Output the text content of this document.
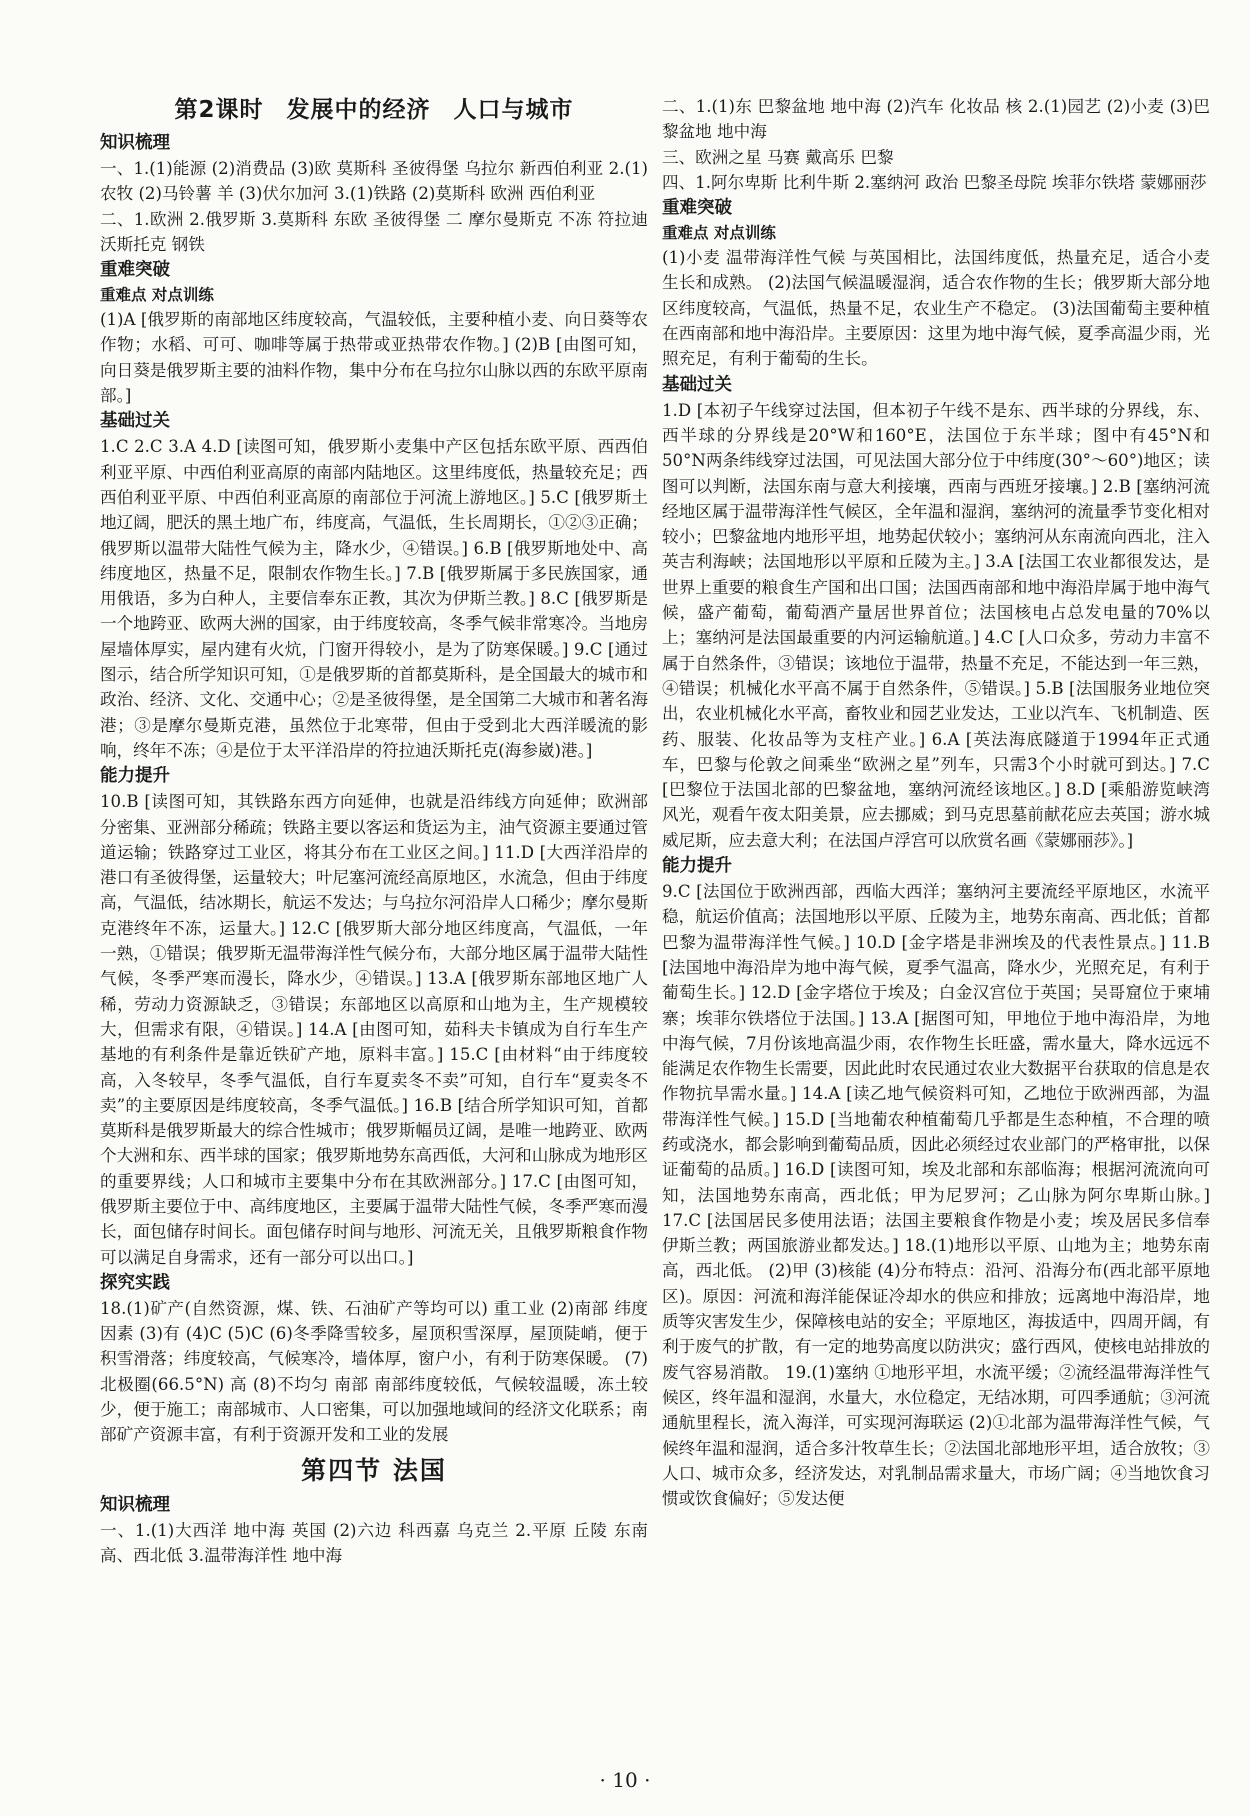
第2课时 发展中的经济 人口与城市
知识梳理

一、1.(1)能源 (2)消费品 (3)欧 莫斯科 圣彼得堡 乌拉尔 新西伯利亚 2.(1)农牧 (2)马铃薯 羊 (3)伏尔加河 3.(1)铁路 (2)莫斯科 欧洲 西伯利亚

二、1.欧洲 2.俄罗斯 3.莫斯科 东欧 圣彼得堡 二 摩尔曼斯克 不冻 符拉迪沃斯托克 钢铁

重难突破
重难点 对点训练

(1)A [俄罗斯的南部地区纬度较高，气温较低，主要种植小麦、向日葵等农作物；水稻、可可、咖啡等属于热带或亚热带农作物。] (2)B [由图可知，向日葵是俄罗斯主要的油料作物，集中分布在乌拉尔山脉以西的东欧平原南部。]

基础过关

1.C 2.C 3.A 4.D [读图可知，俄罗斯小麦集中产区包括东欧平原、西西伯利亚平原、中西伯利亚高原的南部内陆地区。这里纬度低，热量较充足；西西伯利亚平原、中西伯利亚高原的南部位于河流上游地区。] 5.C [俄罗斯土地辽阔，肥沃的黑土地广布，纬度高，气温低，生长周期长，①②③正确；俄罗斯以温带大陆性气候为主，降水少，④错误。] 6.B [俄罗斯地处中、高纬度地区，热量不足，限制农作物生长。] 7.B [俄罗斯属于多民族国家，通用俄语，多为白种人，主要信奉东正教，其次为伊斯兰教。] 8.C [俄罗斯是一个地跨亚、欧两大洲的国家，由于纬度较高，冬季气候非常寒冷。当地房屋墙体厚实，屋内建有火炕，门窗开得较小，是为了防寒保暖。] 9.C [通过图示，结合所学知识可知，①是俄罗斯的首都莫斯科，是全国最大的城市和政治、经济、文化、交通中心；②是圣彼得堡，是全国第二大城市和著名海港；③是摩尔曼斯克港，虽然位于北寒带，但由于受到北大西洋暖流的影响，终年不冻；④是位于太平洋沿岸的符拉迪沃斯托克(海参崴)港。]

能力提升

10.B [读图可知，其铁路东西方向延伸，也就是沿纬线方向延伸；欧洲部分密集、亚洲部分稀疏；铁路主要以客运和货运为主，油气资源主要通过管道运输；铁路穿过工业区，将其分布在工业区之间。] 11.D [大西洋沿岸的港口有圣彼得堡，运量较大；叶尼塞河流经高原地区，水流急，但由于纬度高，气温低，结冰期长，航运不发达；与乌拉尔河沿岸人口稀少；摩尔曼斯克港终年不冻，运量大。] 12.C [俄罗斯大部分地区纬度高，气温低，一年一熟，①错误；俄罗斯无温带海洋性气候分布，大部分地区属于温带大陆性气候，冬季严寒而漫长，降水少，④错误。] 13.A [俄罗斯东部地区地广人稀，劳动力资源缺乏，③错误；东部地区以高原和山地为主，生产规模较大，但需求有限，④错误。] 14.A [由图可知，茹科夫卡镇成为自行车生产基地的有利条件是靠近铁矿产地，原料丰富。] 15.C [由材料“由于纬度较高，入冬较早，冬季气温低，自行车夏卖冬不卖”可知，自行车“夏卖冬不卖”的主要原因是纬度较高，冬季气温低。] 16.B [结合所学知识可知，首都莫斯科是俄罗斯最大的综合性城市；俄罗斯幅员辽阔，是唯一地跨亚、欧两个大洲和东、西半球的国家；俄罗斯地势东高西低，大河和山脉成为地形区的重要界线；人口和城市主要集中分布在其欧洲部分。] 17.C [由图可知，俄罗斯主要位于中、高纬度地区，主要属于温带大陆性气候，冬季严寒而漫长，面包储存时间长。面包储存时间与地形、河流无关，且俄罗斯粮食作物可以满足自身需求，还有一部分可以出口。]

探究实践

18.(1)矿产(自然资源，煤、铁、石油矿产等均可以) 重工业 (2)南部 纬度因素 (3)有 (4)C (5)C (6)冬季降雪较多，屋顶积雪深厚，屋顶陡峭，便于积雪滑落；纬度较高，气候寒冷，墙体厚，窗户小，有利于防寒保暖。 (7)北极圈(66.5°N) 高 (8)不均匀 南部 南部纬度较低，气候较温暖，冻土较少，便于施工；南部城市、人口密集，可以加强地域间的经济文化联系；南部矿产资源丰富，有利于资源开发和工业的发展

第四节 法国
知识梳理

一、1.(1)大西洋 地中海 英国 (2)六边 科西嘉 乌克兰 2.平原 丘陵 东南高、西北低 3.温带海洋性 地中海

二、1.(1)东 巴黎盆地 地中海 (2)汽车 化妆品 核 2.(1)园艺 (2)小麦 (3)巴黎盆地 地中海

三、欧洲之星 马赛 戴高乐 巴黎

四、1.阿尔卑斯 比利牛斯 2.塞纳河 政治 巴黎圣母院 埃菲尔铁塔 蒙娜丽莎

重难突破
重难点 对点训练

(1)小麦 温带海洋性气候 与英国相比，法国纬度低，热量充足，适合小麦生长和成熟。 (2)法国气候温暖湿润，适合农作物的生长；俄罗斯大部分地区纬度较高，气温低，热量不足，农业生产不稳定。 (3)法国葡萄主要种植在西南部和地中海沿岸。主要原因：这里为地中海气候，夏季高温少雨，光照充足，有利于葡萄的生长。

基础过关

1.D [本初子午线穿过法国，但本初子午线不是东、西半球的分界线，东、西半球的分界线是20°W和160°E，法国位于东半球；图中有45°N和50°N两条纬线穿过法国，可见法国大部分位于中纬度(30°～60°)地区；读图可以判断，法国东南与意大利接壤，西南与西班牙接壤。] 2.B [塞纳河流经地区属于温带海洋性气候区，全年温和湿润，塞纳河的流量季节变化相对较小；巴黎盆地内地形平坦，地势起伏较小；塞纳河从东南流向西北，注入英吉利海峡；法国地形以平原和丘陵为主。] 3.A [法国工农业都很发达，是世界上重要的粮食生产国和出口国；法国西南部和地中海沿岸属于地中海气候，盛产葡萄，葡萄酒产量居世界首位；法国核电占总发电量的70%以上；塞纳河是法国最重要的内河运输航道。] 4.C [人口众多，劳动力丰富不属于自然条件，③错误；该地位于温带，热量不充足，不能达到一年三熟，④错误；机械化水平高不属于自然条件，⑤错误。] 5.B [法国服务业地位突出，农业机械化水平高，畜牧业和园艺业发达，工业以汽车、飞机制造、医药、服装、化妆品等为支柱产业。] 6.A [英法海底隧道于1994年正式通车，巴黎与伦敦之间乘坐“欧洲之星”列车，只需3个小时就可到达。] 7.C [巴黎位于法国北部的巴黎盆地，塞纳河流经该地区。] 8.D [乘船游览峡湾风光，观看午夜太阳美景，应去挪威；到马克思墓前献花应去英国；游水城威尼斯，应去意大利；在法国卢浮宫可以欣赏名画《蒙娜丽莎》。]

能力提升

9.C [法国位于欧洲西部，西临大西洋；塞纳河主要流经平原地区，水流平稳，航运价值高；法国地形以平原、丘陵为主，地势东南高、西北低；首都巴黎为温带海洋性气候。] 10.D [金字塔是非洲埃及的代表性景点。] 11.B [法国地中海沿岸为地中海气候，夏季气温高，降水少，光照充足，有利于葡萄生长。] 12.D [金字塔位于埃及；白金汉宫位于英国；吴哥窟位于柬埔寨；埃菲尔铁塔位于法国。] 13.A [据图可知，甲地位于地中海沿岸，为地中海气候，7月份该地高温少雨，农作物生长旺盛，需水量大，降水远远不能满足农作物生长需要，因此此时农民通过农业大数据平台获取的信息是农作物抗旱需水量。] 14.A [读乙地气候资料可知，乙地位于欧洲西部，为温带海洋性气候。] 15.D [当地葡农种植葡萄几乎都是生态种植，不合理的喷药或浇水，都会影响到葡萄品质，因此必须经过农业部门的严格审批，以保证葡萄的品质。] 16.D [读图可知，埃及北部和东部临海；根据河流流向可知，法国地势东南高，西北低；甲为尼罗河；乙山脉为阿尔卑斯山脉。] 17.C [法国居民多使用法语；法国主要粮食作物是小麦；埃及居民多信奉伊斯兰教；两国旅游业都发达。] 18.(1)地形以平原、山地为主；地势东南高，西北低。 (2)甲 (3)核能 (4)分布特点：沿河、沿海分布(西北部平原地区)。原因：河流和海洋能保证冷却水的供应和排放；远离地中海沿岸，地质等灾害发生少，保障核电站的安全；平原地区，海拔适中，四周开阔，有利于废气的扩散，有一定的地势高度以防洪灾；盛行西风，使核电站排放的废气容易消散。 19.(1)塞纳 ①地形平坦，水流平缓；②流经温带海洋性气候区，终年温和湿润，水量大，水位稳定，无结冰期，可四季通航；③河流通航里程长，流入海洋，可实现河海联运 (2)①北部为温带海洋性气候，气候终年温和湿润，适合多汁牧草生长；②法国北部地形平坦，适合放牧；③人口、城市众多，经济发达，对乳制品需求量大，市场广阔；④当地饮食习惯或饮食偏好；⑤发达便

· 10 ·
